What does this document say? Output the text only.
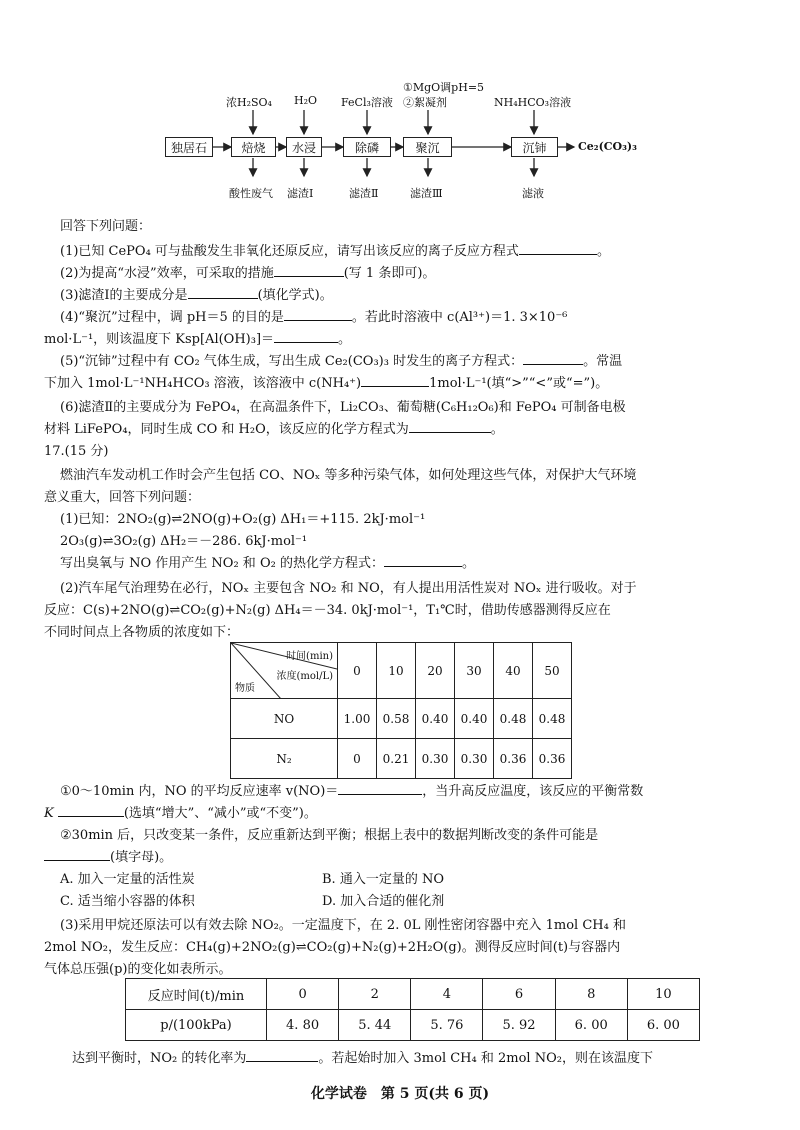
独居石	焙烧	水浸	除磷	聚沉	沉铈	Ce₂(CO₃)₃
浓H₂SO₄ H₂O FeCl₃溶液
①MgO调pH=5
②絮凝剂	NH₄HCO₃溶液
酸性废气 滤渣Ⅰ	滤渣Ⅱ	滤渣Ⅲ	滤液
回答下列问题：
(1)已知 CePO₄ 可与盐酸发生非氧化还原反应，请写出该反应的离子反应方程式	。
(2)为提高“水浸”效率，可采取的措施	(写 1 条即可)。
(3)滤渣Ⅰ的主要成分是	(填化学式)。
(4)“聚沉”过程中，调 pH＝5 的目的是	。若此时溶液中 c(Al³⁺)＝1. 3×10⁻⁶
mol·L⁻¹，则该温度下 Ksp[Al(OH)₃]＝	。
(5)“沉铈”过程中有 CO₂ 气体生成，写出生成 Ce₂(CO₃)₃ 时发生的离子方程式：	。常温
下加入 1mol·L⁻¹NH₄HCO₃ 溶液，该溶液中 c(NH₄⁺)	1mol·L⁻¹(填“>”“<”或“=”)。
(6)滤渣Ⅱ的主要成分为 FePO₄，在高温条件下，Li₂CO₃、葡萄糖(C₆H₁₂O₆)和 FePO₄ 可制备电极
材料 LiFePO₄，同时生成 CO 和 H₂O，该反应的化学方程式为	。
17.(15 分)
燃油汽车发动机工作时会产生包括 CO、NOₓ 等多种污染气体，如何处理这些气体，对保护大气环境
意义重大，回答下列问题：
(1)已知：2NO₂(g)⇌2NO(g)+O₂(g) ΔH₁＝+115. 2kJ·mol⁻¹
2O₃(g)⇌3O₂(g) ΔH₂＝－286. 6kJ·mol⁻¹
写出臭氧与 NO 作用产生 NO₂ 和 O₂ 的热化学方程式：	。
(2)汽车尾气治理势在必行，NOₓ 主要包含 NO₂ 和 NO，有人提出用活性炭对 NOₓ 进行吸收。对于
反应：C(s)+2NO(g)⇌CO₂(g)+N₂(g) ΔH₄＝－34. 0kJ·mol⁻¹，T₁℃时，借助传感器测得反应在
不同时间点上各物质的浓度如下：
时间(min)
浓度(mol/L)
物质	0	10	20	30	40	50
NO	1.00	0.58	0.40	0.40	0.48	0.48
N₂	0	0.21	0.30	0.30	0.36	0.36
①0～10min 内，NO 的平均反应速率 v(NO)＝	，当升高反应温度，该反应的平衡常数
K	(选填“增大”、“减小”或“不变”)。
②30min 后，只改变某一条件，反应重新达到平衡；根据上表中的数据判断改变的条件可能是
(填字母)。
A. 加入一定量的活性炭	B. 通入一定量的 NO
C. 适当缩小容器的体积	D. 加入合适的催化剂
(3)采用甲烷还原法可以有效去除 NO₂。一定温度下，在 2. 0L 刚性密闭容器中充入 1mol CH₄ 和
2mol NO₂，发生反应：CH₄(g)+2NO₂(g)⇌CO₂(g)+N₂(g)+2H₂O(g)。测得反应时间(t)与容器内
气体总压强(p)的变化如表所示。
反应时间(t)/min	0	2	4	6	8	10
p/(100kPa)	4. 80	5. 44	5. 76	5. 92	6. 00	6. 00
达到平衡时，NO₂ 的转化率为	。若起始时加入 3mol CH₄ 和 2mol NO₂，则在该温度下
化学试卷　第 5 页(共 6 页)
